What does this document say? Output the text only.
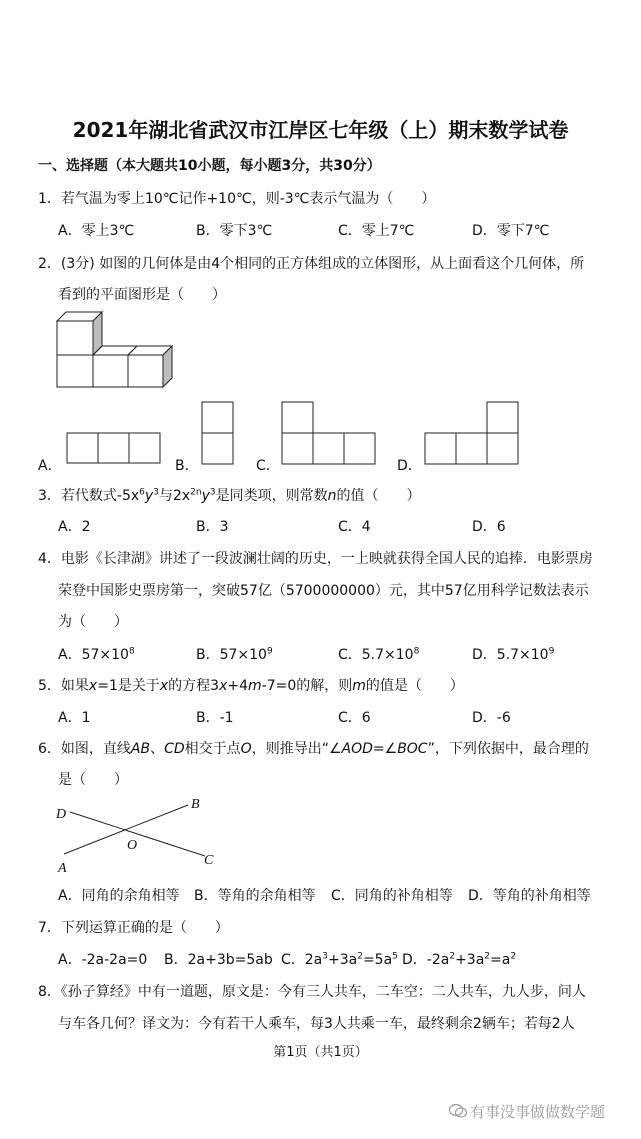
2021年湖北省武汉市江岸区七年级（上）期末数学试卷
一、选择题（本大题共10小题，每小题3分，共30分）
1．若气温为零上10℃记作+10℃，则-3℃表示气温为（　　）
A．零上3℃	B．零下3℃	C．零上7℃	D．零下7℃
2．(3分) 如图的几何体是由4个相同的正方体组成的立体图形，从上面看这个几何体，所
看到的平面图形是（　　）
A．	B．	C．	D．
3．若代数式$-5x^6y^3$与$2x^{2n}y^3$是同类项，则常数n的值（　　）
A．2	B．3	C．4	D．6
4．电影《长津湖》讲述了一段波澜壮阔的历史，一上映就获得全国人民的追捧．电影票房
荣登中国影史票房第一，突破57亿（5700000000）元，其中57亿用科学记数法表示
为（　　）
A．$57\times 10^8$	B．$57\times 10^9$	C．$5.7\times 10^8$	D．$5.7\times 10^9$
5．如果x=1是关于x的方程3x+4m-7=0的解，则m的值是（　　）
A．1	B．-1	C．6	D．-6
6．如图，直线AB、CD相交于点O，则推导出“∠AOD=∠BOC”，下列依据中，最合理的
是（　　）
D
B
O
A
C
A．同角的余角相等 B．等角的余角相等 C．同角的补角相等 D．等角的补角相等
7．下列运算正确的是（　　）
A．-2a-2a=0 B．2a+3b=5ab C．$2a^3+3a^2=5a^5$ D．$-2a^2+3a^2=a^2$
8．《孙子算经》中有一道题，原文是：今有三人共车，二车空：二人共车，九人步，问人
与车各几何？译文为：今有若干人乘车，每3人共乘一车，最终剩余2辆车；若每2人
第1页（共1页）
有事没事做做数学题
